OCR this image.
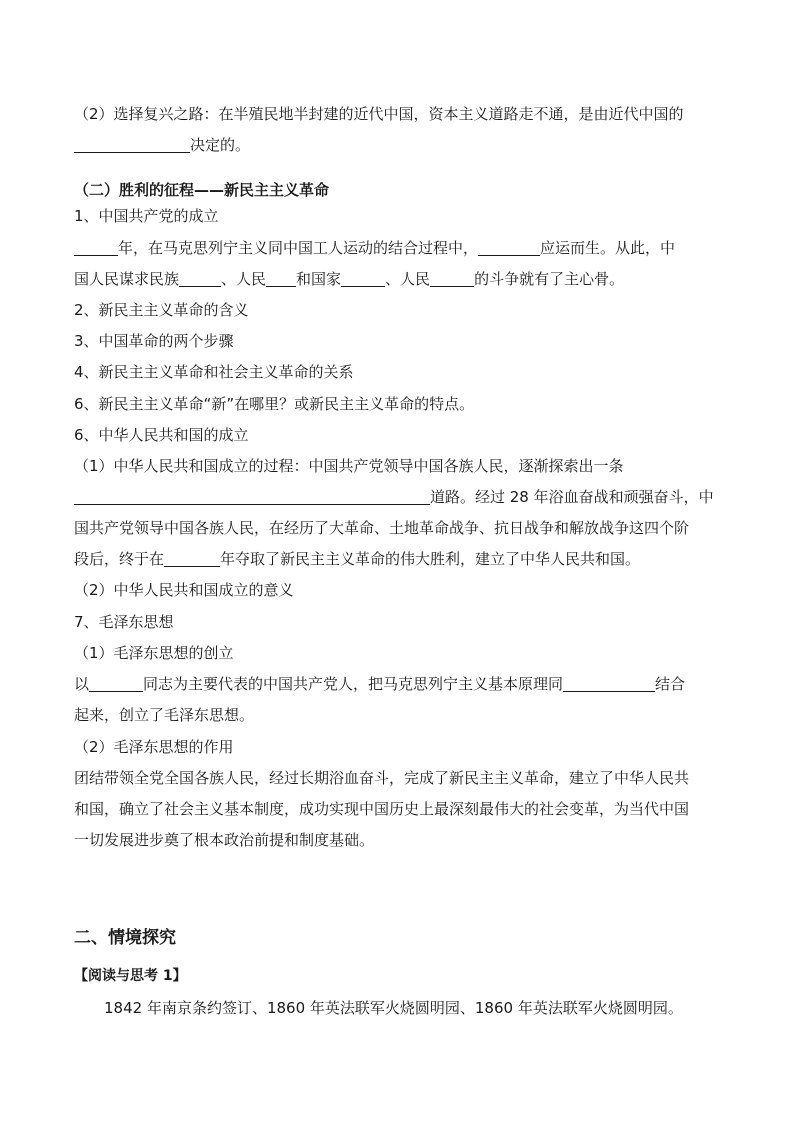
（2）选择复兴之路：在半殖民地半封建的近代中国，资本主义道路走不通，是由近代中国的
决定的。
（二）胜利的征程——新民主主义革命
1、中国共产党的成立
年，在马克思列宁主义同中国工人运动的结合过程中，	应运而生。从此，中
国人民谋求民族	、人民 和国家	、人民	的斗争就有了主心骨。
2、新民主主义革命的含义
3、中国革命的两个步骤
4、新民主主义革命和社会主义革命的关系
6、新民主主义革命“新”在哪里？或新民主主义革命的特点。
6、中华人民共和国的成立
（1）中华人民共和国成立的过程：中国共产党领导中国各族人民，逐渐探索出一条
道路。经过 28 年浴血奋战和顽强奋斗，中
国共产党领导中国各族人民，在经历了大革命、土地革命战争、抗日战争和解放战争这四个阶
段后，终于在	年夺取了新民主主义革命的伟大胜利，建立了中华人民共和国。
（2）中华人民共和国成立的意义
7、毛泽东思想
（1）毛泽东思想的创立
以	同志为主要代表的中国共产党人，把马克思列宁主义基本原理同	结合
起来，创立了毛泽东思想。
（2）毛泽东思想的作用
团结带领全党全国各族人民，经过长期浴血奋斗，完成了新民主主义革命，建立了中华人民共
和国，确立了社会主义基本制度，成功实现中国历史上最深刻最伟大的社会变革，为当代中国
一切发展进步奠了根本政治前提和制度基础。
二、情境探究
【阅读与思考 1】
1842 年南京条约签订、1860 年英法联军火烧圆明园、1860 年英法联军火烧圆明园。
